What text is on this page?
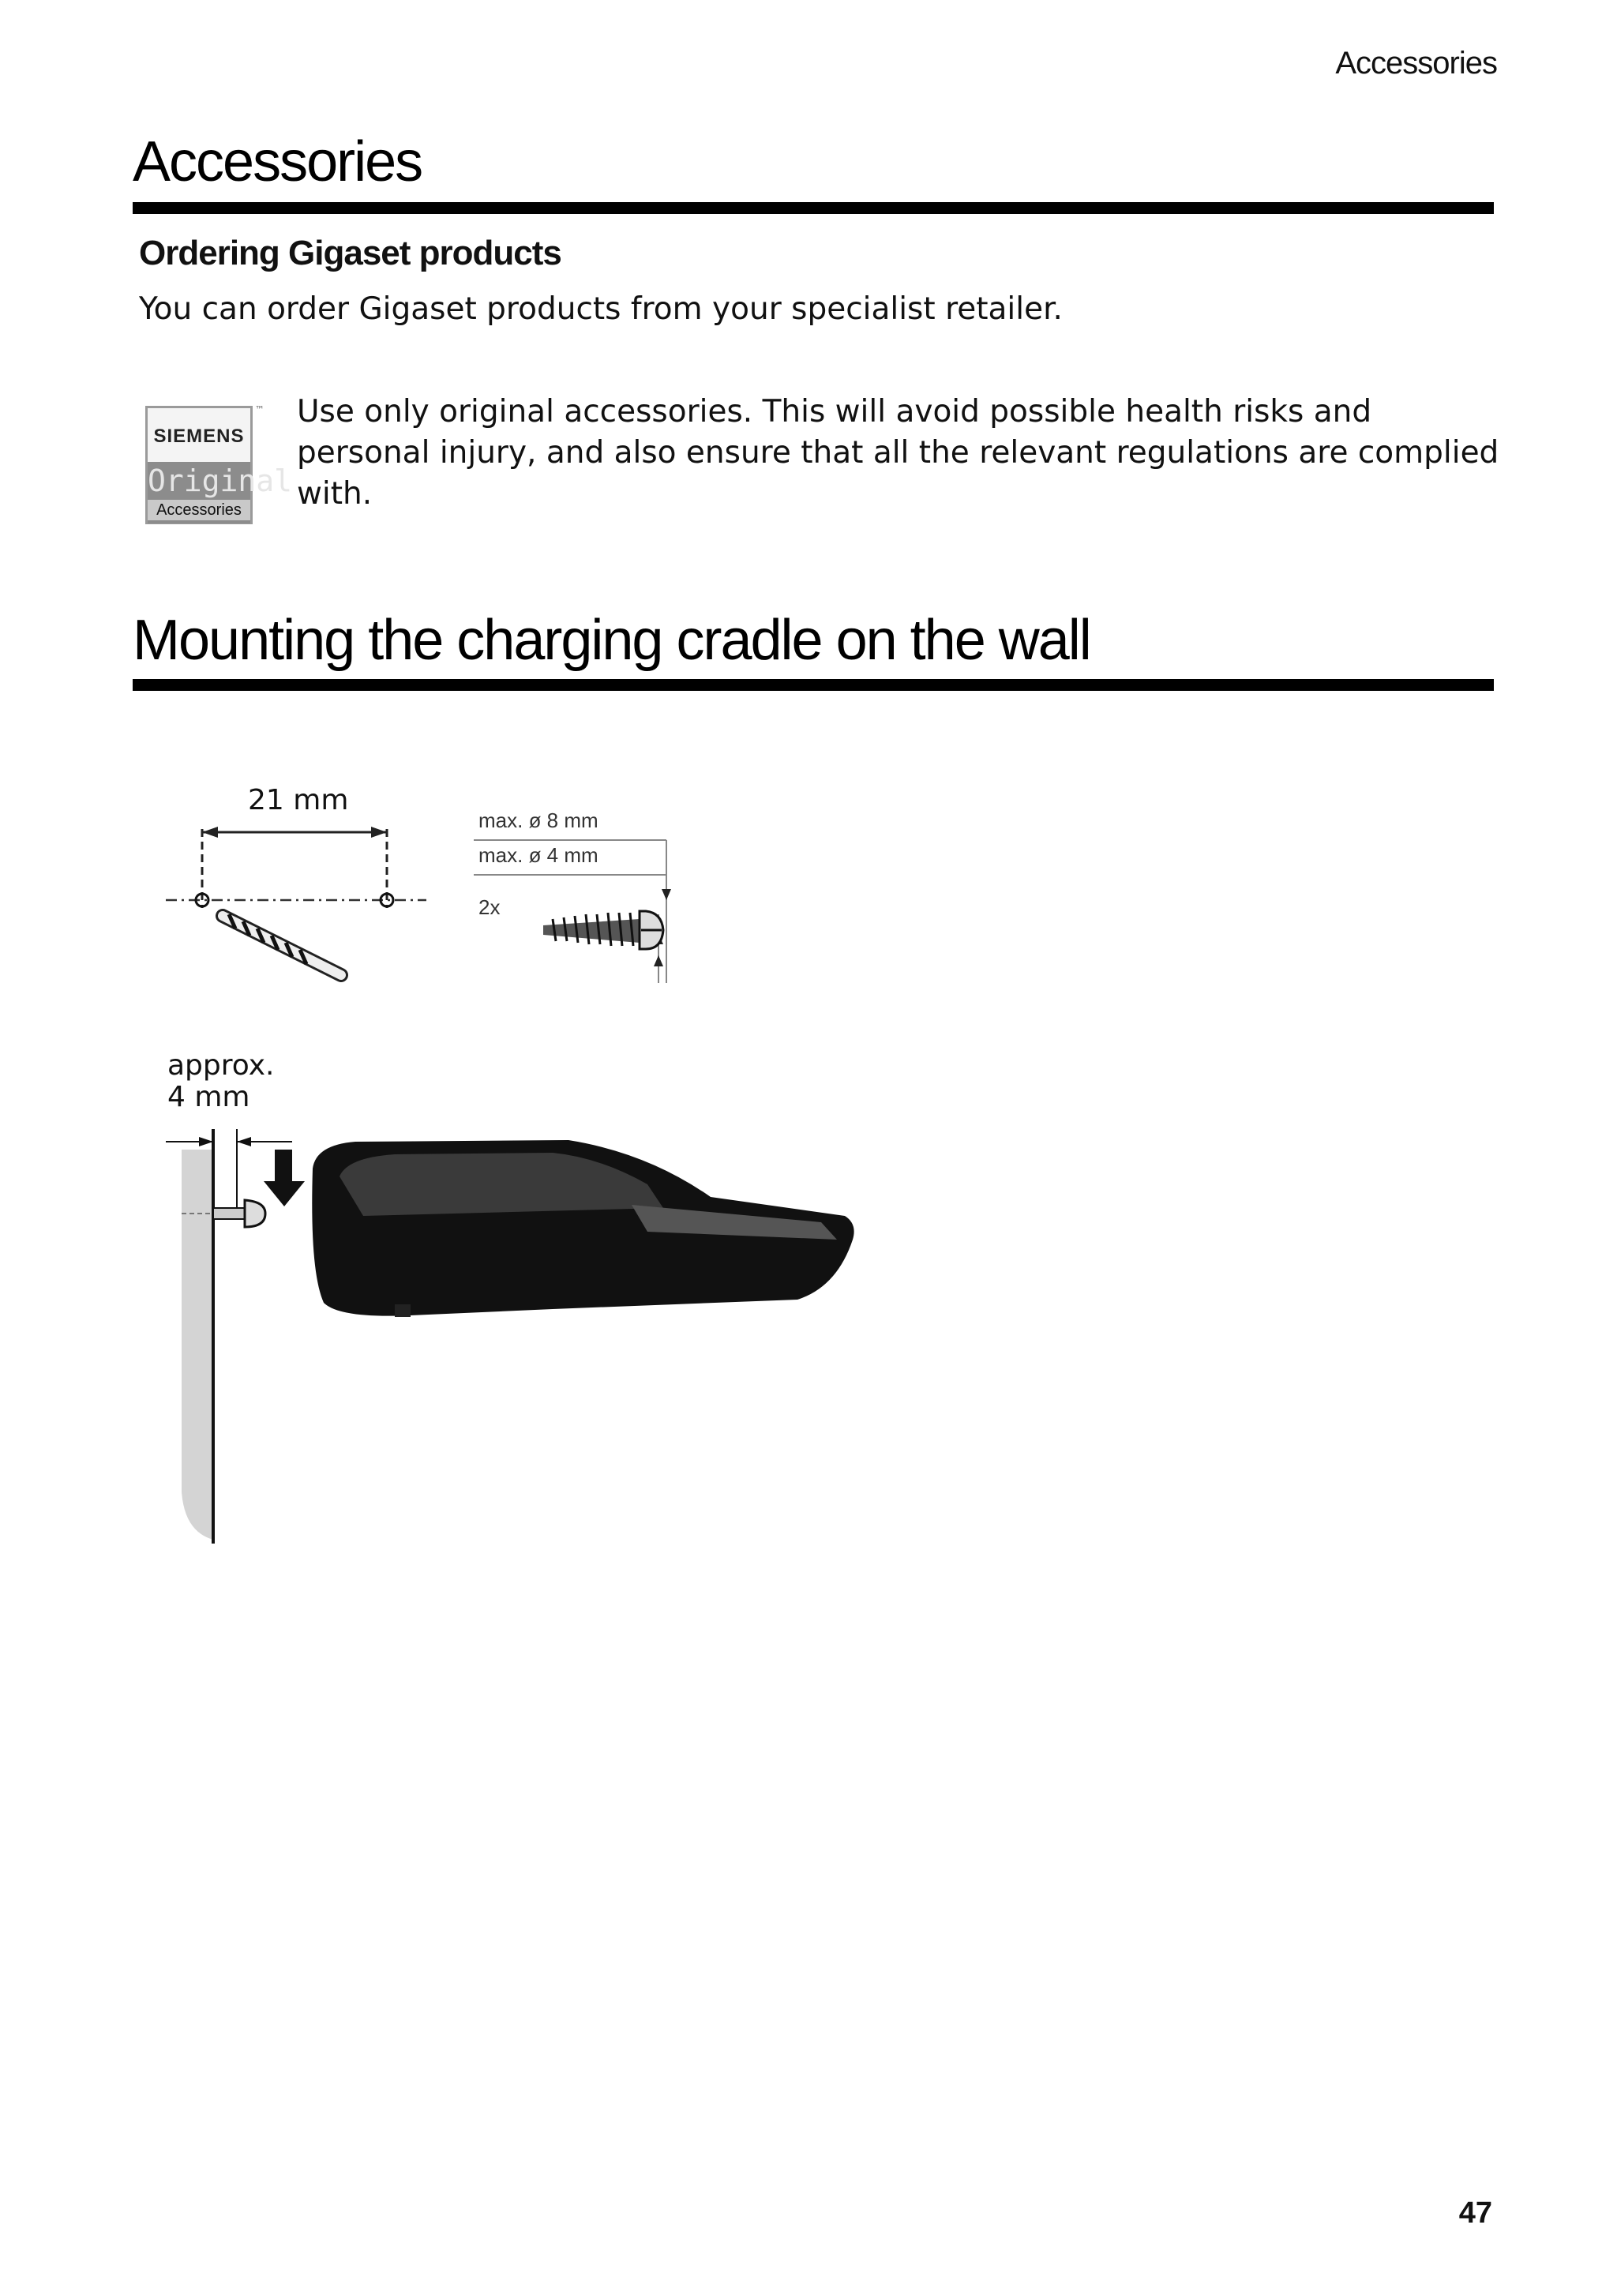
Accessories
Accessories
Ordering Gigaset products
You can order Gigaset products from your specialist retailer.
SIEMENS
Original
Accessories
™ Use only original accessories. This will avoid possible health risks and personal injury, and also ensure that all the relevant regulations are complied with.
Mounting the charging cradle on the wall
21 mm
max. ø 8 mm
max. ø 4 mm
2x
approx.
4 mm
47
